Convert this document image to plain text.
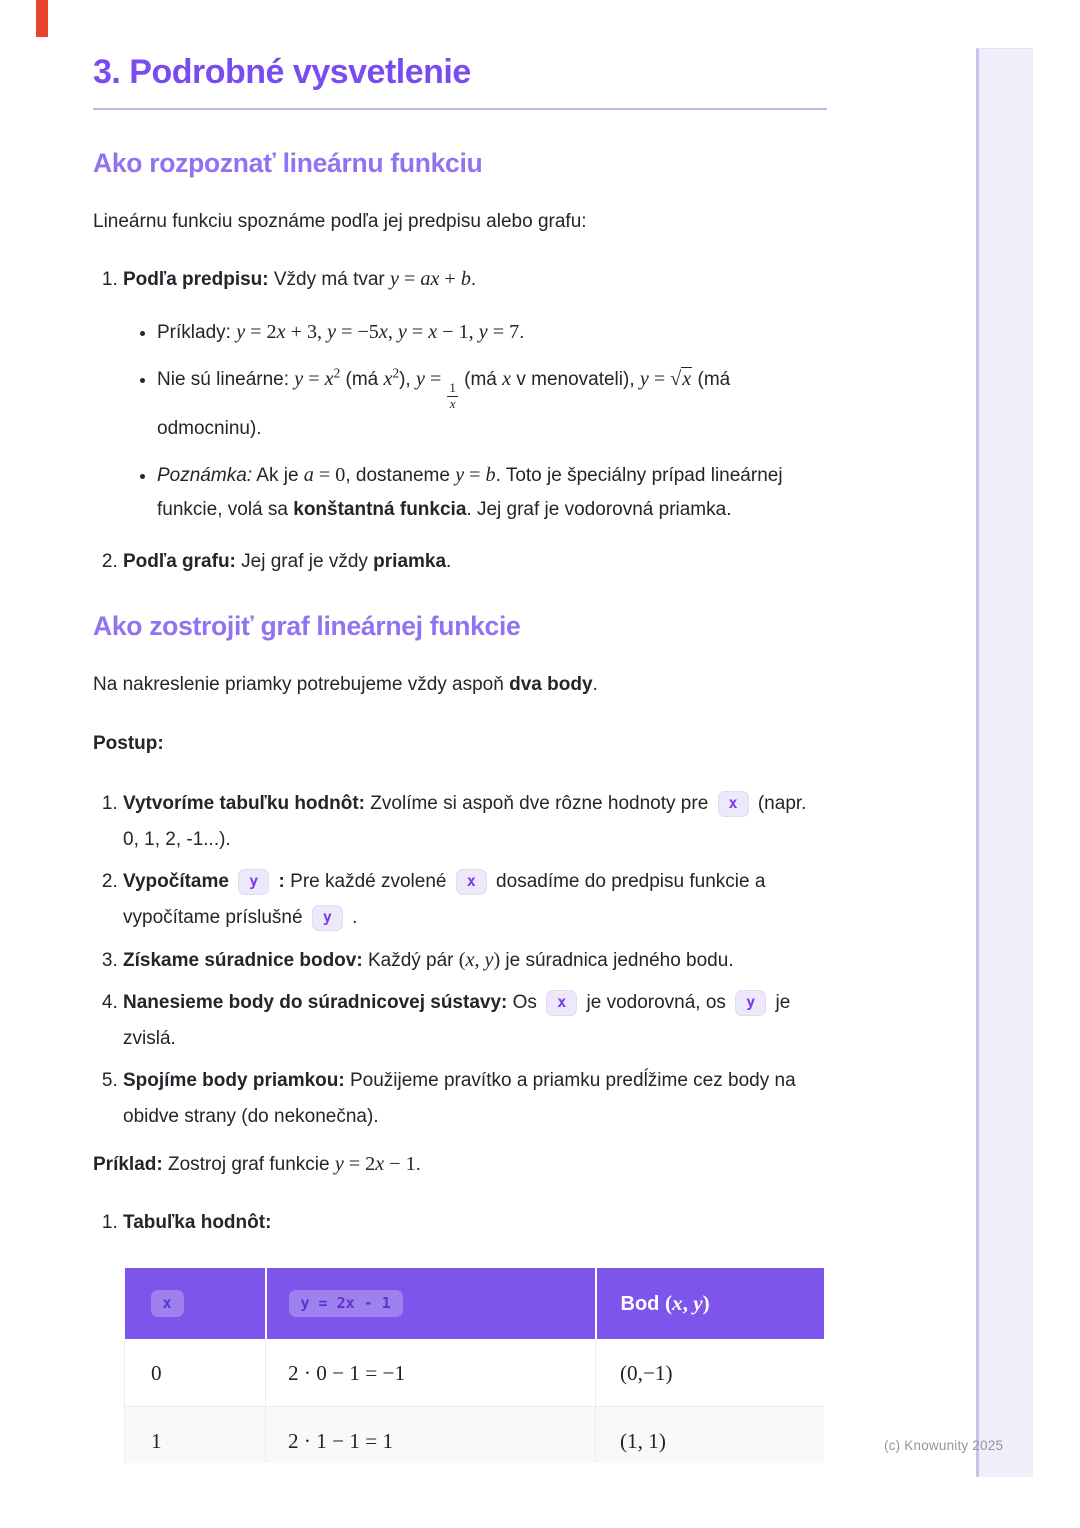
(c) Knowunity 2025
3. Podrobné vysvetlenie
Ako rozpoznať lineárnu funkciu

Lineárnu funkciu spoznáme podľa jej predpisu alebo grafu:

1. Podľa predpisu: Vždy má tvar y = ax + b.
• Príklady: y = 2x + 3, y = −5x, y = x − 1, y = 7.
• Nie sú lineárne: $y = x^2$ (má $x^2$), y =
$\frac{1}{x}$
(má x v menovateli), y = √x (má odmocninu).
• Poznámka: Ak je a = 0, dostaneme y = b. Toto je špeciálny prípad lineárnej funkcie, volá sa konštantná funkcia. Jej graf je vodorovná priamka.
2. Podľa grafu: Jej graf je vždy priamka.
Ako zostrojiť graf lineárnej funkcie

Na nakreslenie priamky potrebujeme vždy aspoň dva body.

Postup:

1. Vytvoríme tabuľku hodnôt: Zvolíme si aspoň dve rôzne hodnoty pre x (napr. 0, 1, 2, -1...).
2. Vypočítame y : Pre každé zvolené x dosadíme do predpisu funkcie a vypočítame príslušné y .
3. Získame súradnice bodov: Každý pár (x, y) je súradnica jedného bodu.
4. Nanesieme body do súradnicovej sústavy: Os x je vodorovná, os y je zvislá.
5. Spojíme body priamkou: Použijeme pravítko a priamku predĺžime cez body na obidve strany (do nekonečna).

Príklad: Zostroj graf funkcie y = 2x − 1.

1. Tabuľka hodnôt:
x	y = 2x - 1	Bod (x, y)
0	2 · 0 − 1 = −1	(0,−1)
1	2 · 1 − 1 = 1	(1, 1)
